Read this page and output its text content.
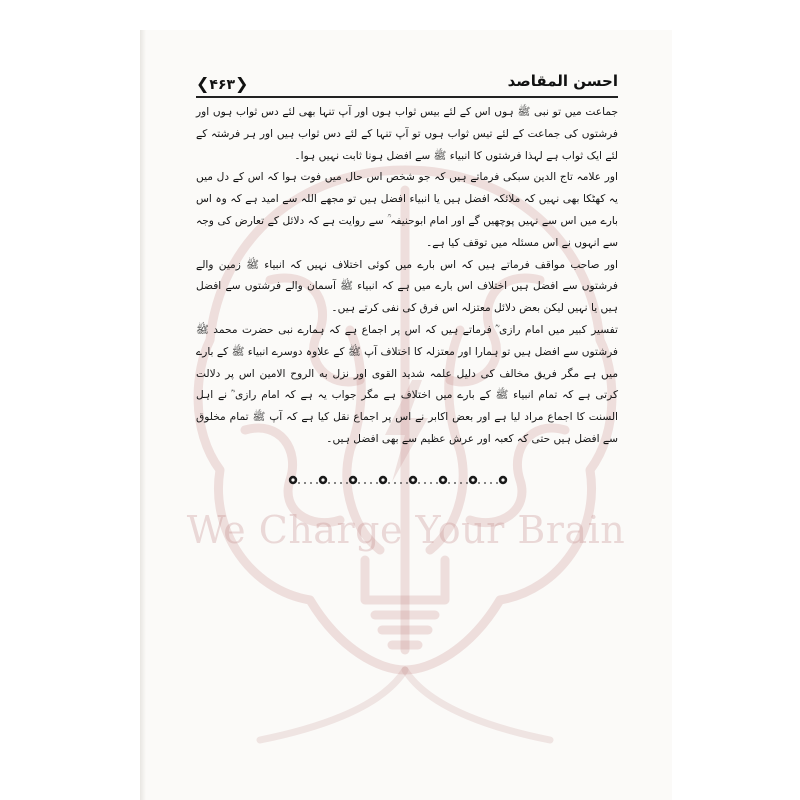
We Charge Your Brain
❮۴۶۳❯	احسن المقاصد

جماعت میں تو نبی ﷺ ہوں اس کے لئے بیس ثواب ہوں اور آپ تنہا بھی لئے دس ثواب ہوں اور فرشتوں کی جماعت کے لئے تیس ثواب ہوں تو آپ تنہا کے لئے دس ثواب ہیں اور ہر فرشتہ کے لئے ایک ثواب ہے لہذا فرشتوں کا انبیاء ﷺ سے افضل ہونا ثابت نہیں ہوا۔

اور علامہ تاج الدین سبکی فرماتے ہیں کہ جو شخص اس حال میں فوت ہوا کہ اس کے دل میں یہ کھٹکا بھی نہیں کہ ملائکہ افضل ہیں یا انبیاء افضل ہیں تو مجھے اللہ سے امید ہے کہ وہ اس بارے میں اس سے نہیں پوچھیں گے اور امام ابوحنیفہ ؒ سے روایت ہے کہ دلائل کے تعارض کی وجہ سے انہوں نے اس مسئلہ میں توقف کیا ہے۔

اور صاحب مواقف فرماتے ہیں کہ اس بارے میں کوئی اختلاف نہیں کہ انبیاء ﷺ زمین والے فرشتوں سے افضل ہیں اختلاف اس بارے میں ہے کہ انبیاء ﷺ آسمان والے فرشتوں سے افضل ہیں یا نہیں لیکن بعض دلائل معتزلہ اس فرق کی نفی کرتے ہیں۔

تفسیر کبیر میں امام رازی ؒ فرماتے ہیں کہ اس پر اجماع ہے کہ ہمارے نبی حضرت محمد ﷺ فرشتوں سے افضل ہیں تو ہمارا اور معتزلہ کا اختلاف آپ ﷺ کے علاوہ دوسرے انبیاء ﷺ کے بارے میں ہے مگر فریق مخالف کی دلیل علمہ شدید القوی اور نزل به الروح الامین اس پر دلالت کرتی ہے کہ تمام انبیاء ﷺ کے بارے میں اختلاف ہے مگر جواب یہ ہے کہ امام رازی ؒ نے اہل السنت کا اجماع مراد لیا ہے اور بعض اکابر نے اس پر اجماع نقل کیا ہے کہ آپ ﷺ تمام مخلوق سے افضل ہیں حتی کہ کعبہ اور عرش عظیم سے بھی افضل ہیں۔
